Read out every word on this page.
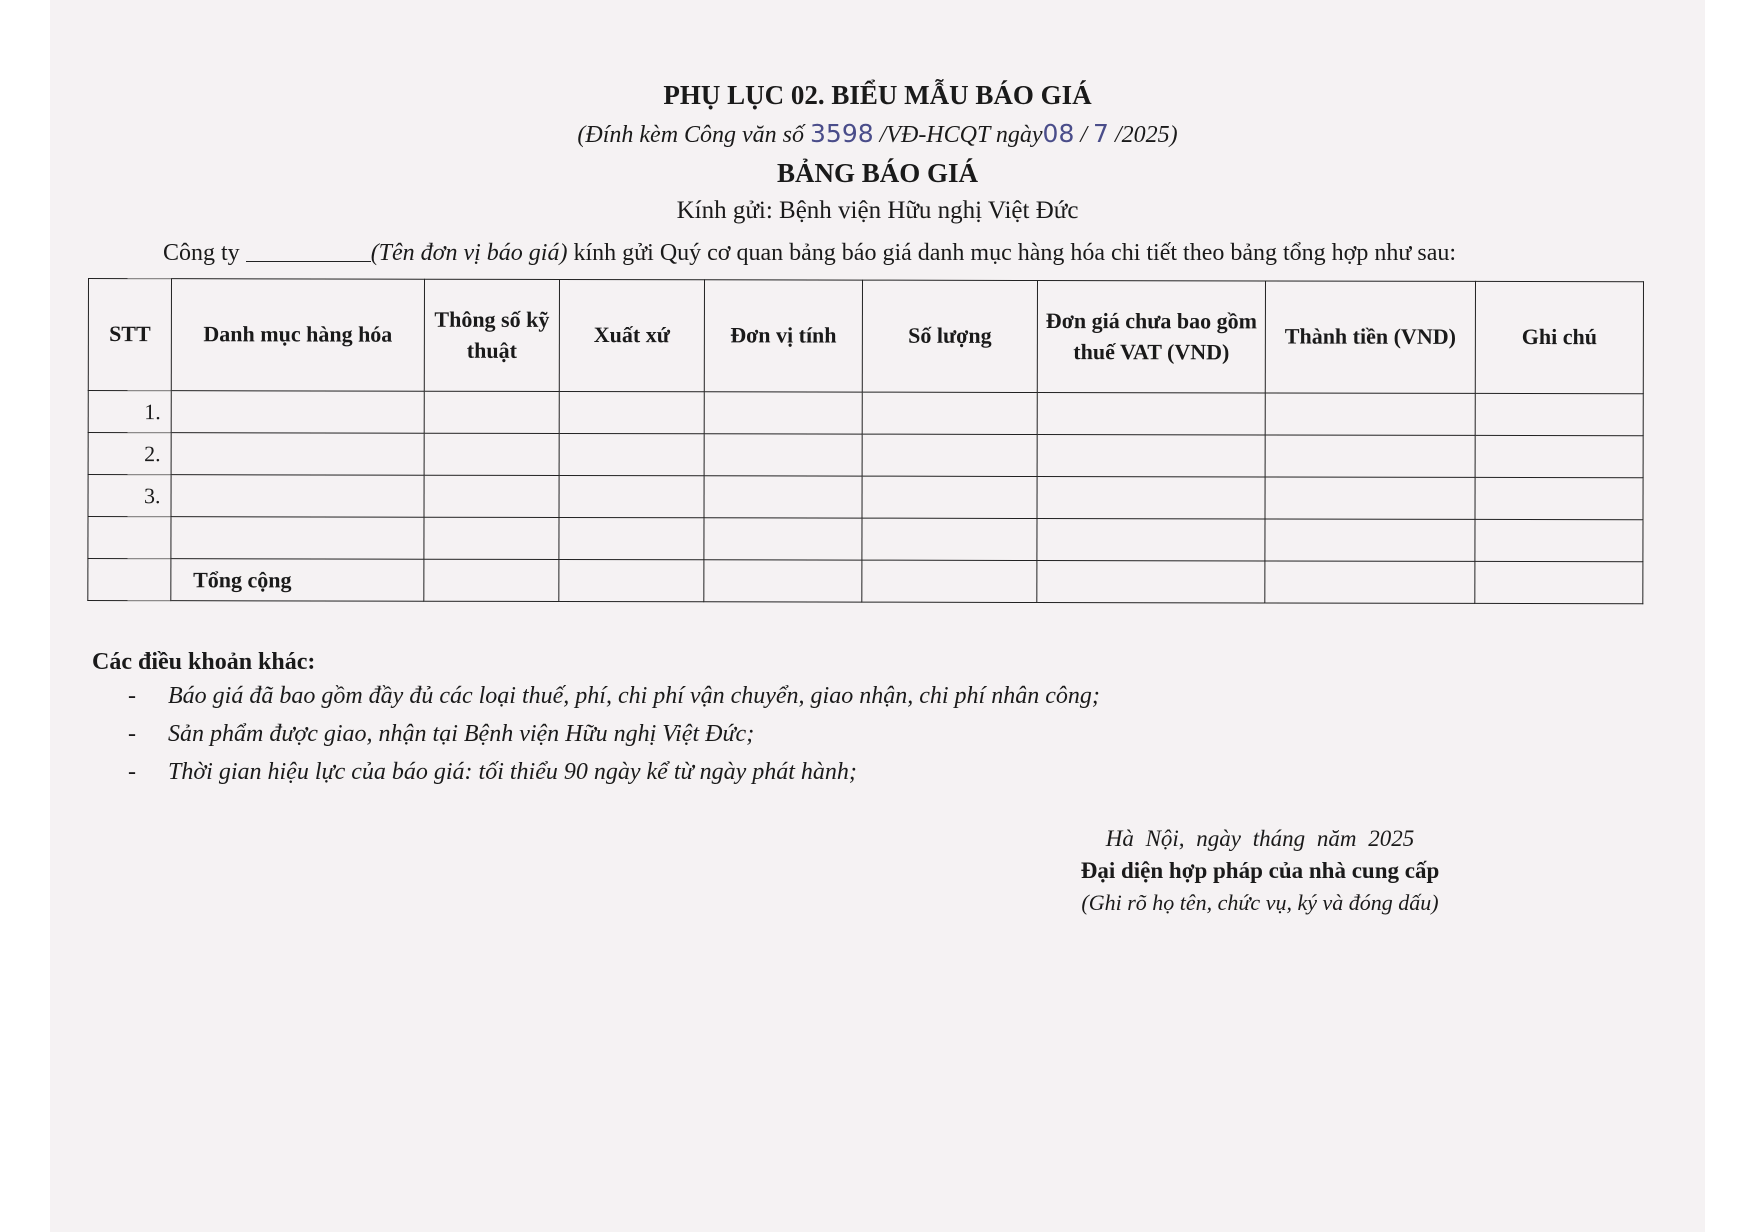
PHỤ LỤC 02. BIỂU MẪU BÁO GIÁ
(Đính kèm Công văn số 3598 /VĐ-HCQT ngày08 / 7 /2025)
BẢNG BÁO GIÁ
Kính gửi: Bệnh viện Hữu nghị Việt Đức
Công ty	(Tên đơn vị báo giá) kính gửi Quý cơ quan bảng báo giá danh mục hàng hóa chi tiết theo bảng tổng hợp như sau:
STT	Danh mục hàng hóa	Thông số kỹ thuật	Xuất xứ	Đơn vị tính	Số lượng	Đơn giá chưa bao gồm thuế VAT (VND)	Thành tiền (VND)	Ghi chú
1.								
2.								
3.								

	Tổng cộng							
Các điều khoản khác:
- Báo giá đã bao gồm đầy đủ các loại thuế, phí, chi phí vận chuyển, giao nhận, chi phí nhân công;
- Sản phẩm được giao, nhận tại Bệnh viện Hữu nghị Việt Đức;
- Thời gian hiệu lực của báo giá: tối thiểu 90 ngày kể từ ngày phát hành;
Hà Nội, ngày tháng năm 2025
Đại diện hợp pháp của nhà cung cấp
(Ghi rõ họ tên, chức vụ, ký và đóng dấu)
